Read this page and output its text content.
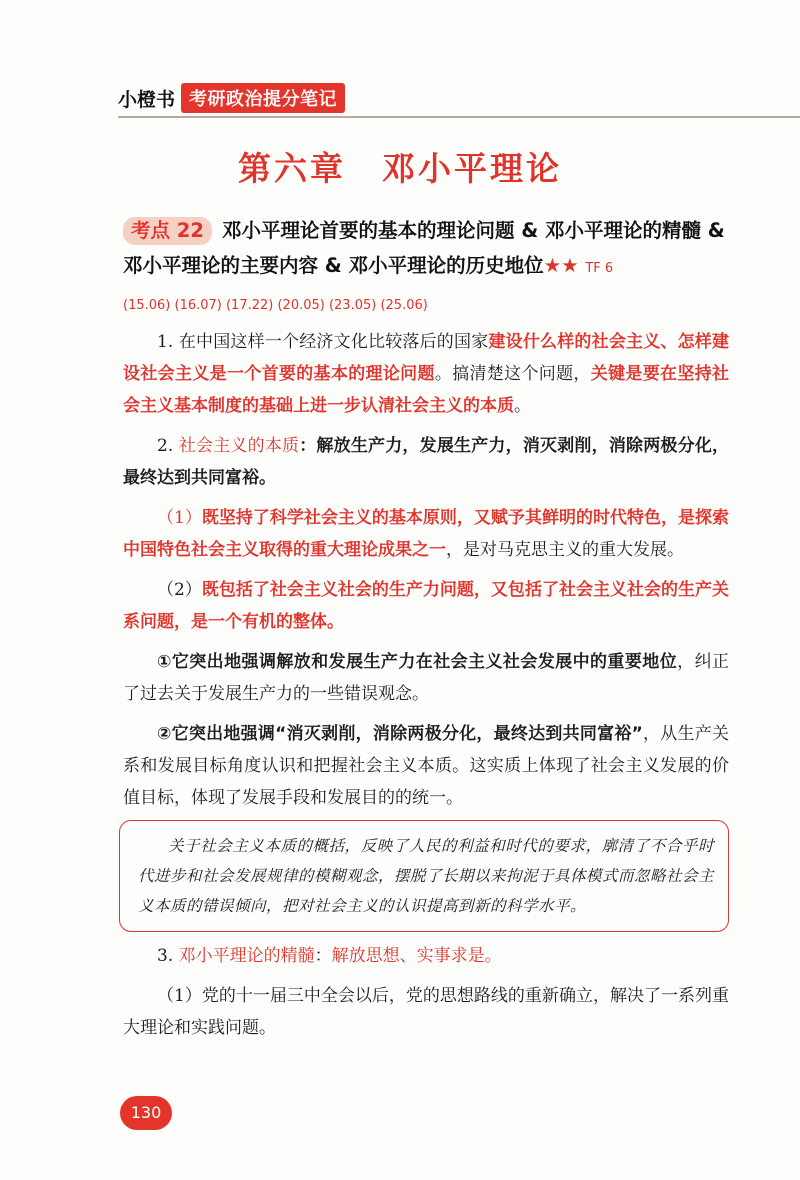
小橙书 考研政治提分笔记
第六章　邓小平理论
考点 22 邓小平理论首要的基本的理论问题 & 邓小平理论的精髓 & 邓小平理论的主要内容 & 邓小平理论的历史地位★★ TF 6
(15.06) (16.07) (17.22) (20.05) (23.05) (25.06)
1. 在中国这样一个经济文化比较落后的国家建设什么样的社会主义、怎样建设社会主义是一个首要的基本的理论问题。搞清楚这个问题，关键是要在坚持社会主义基本制度的基础上进一步认清社会主义的本质。
2. 社会主义的本质：解放生产力，发展生产力，消灭剥削，消除两极分化，最终达到共同富裕。
（1）既坚持了科学社会主义的基本原则，又赋予其鲜明的时代特色，是探索中国特色社会主义取得的重大理论成果之一，是对马克思主义的重大发展。
（2）既包括了社会主义社会的生产力问题，又包括了社会主义社会的生产关系问题，是一个有机的整体。
①它突出地强调解放和发展生产力在社会主义社会发展中的重要地位，纠正了过去关于发展生产力的一些错误观念。
②它突出地强调“消灭剥削，消除两极分化，最终达到共同富裕”，从生产关系和发展目标角度认识和把握社会主义本质。这实质上体现了社会主义发展的价值目标，体现了发展手段和发展目的的统一。
关于社会主义本质的概括，反映了人民的利益和时代的要求，廓清了不合乎时代进步和社会发展规律的模糊观念，摆脱了长期以来拘泥于具体模式而忽略社会主义本质的错误倾向，把对社会主义的认识提高到新的科学水平。
3. 邓小平理论的精髓：解放思想、实事求是。
（1）党的十一届三中全会以后，党的思想路线的重新确立，解决了一系列重大理论和实践问题。
130
